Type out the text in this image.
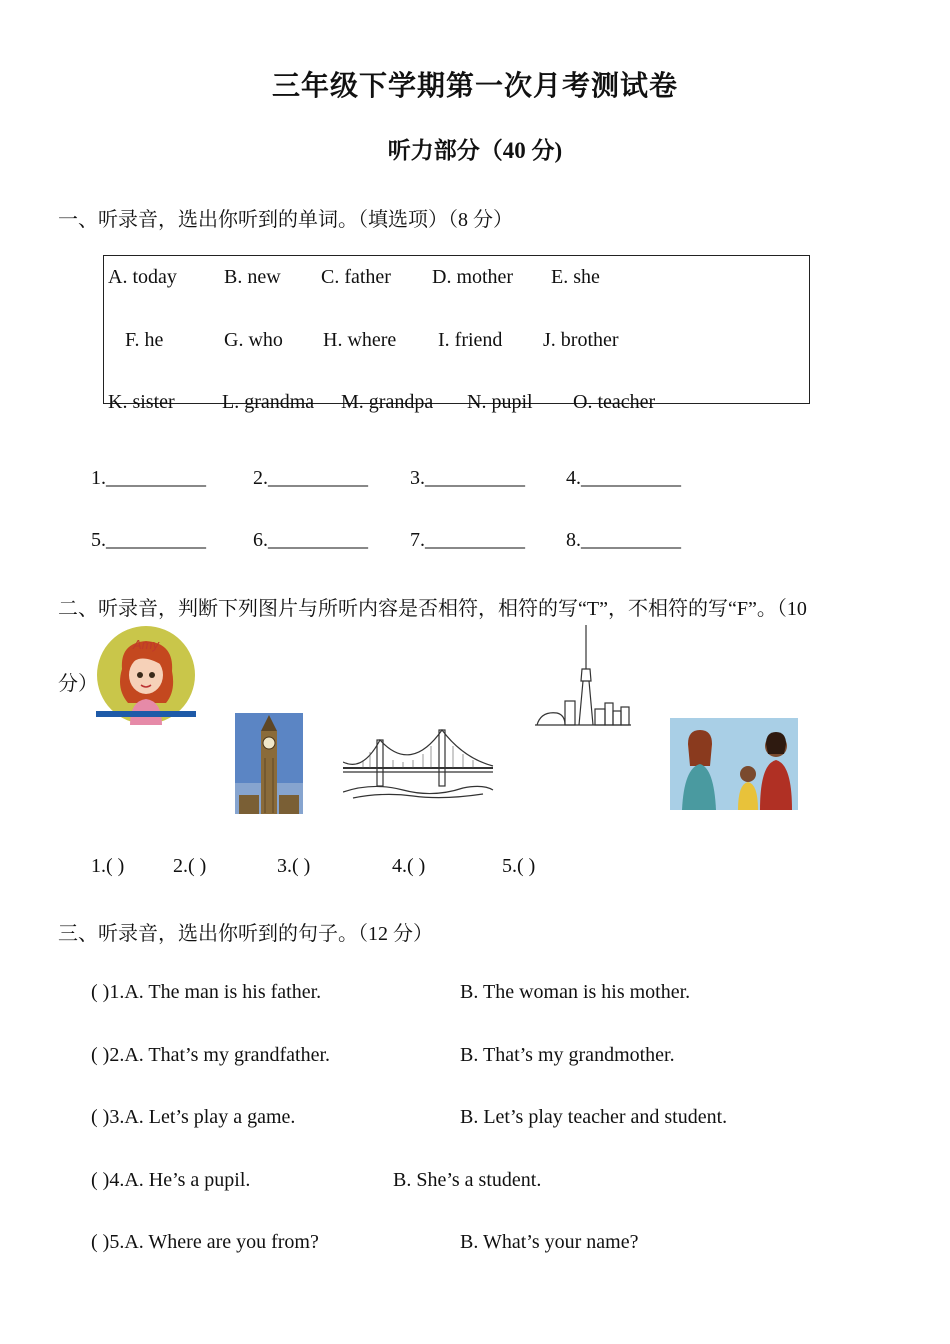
三年级下学期第一次月考测试卷
听力部分（40 分)
一、听录音，选出你听到的单词。（填选项）（8 分）
A. today B. new C. father D. mother E. she
F. he	G. who H. where I. friend J. brother
K. sister L. grandma M. grandpa N. pupil O. teacher
1.__________ 2.__________ 3.__________ 4.__________
5.__________ 6.__________ 7.__________ 8.__________
二、听录音，判断下列图片与所听内容是否相符，相符的写“T”，不相符的写“F”。（10
分）
Amy
1.( ) 2.( )	3.( )	4.( )	5.( )
三、听录音，选出你听到的句子。（12 分）
( )1.A. The man is his father.	B. The woman is his mother.
( )2.A. That’s my grandfather.	B. That’s my grandmother.
( )3.A. Let’s play a game.	B. Let’s play teacher and student.
( )4.A. He’s a pupil.	B. She’s a student.
( )5.A. Where are you from?	B. What’s your name?
